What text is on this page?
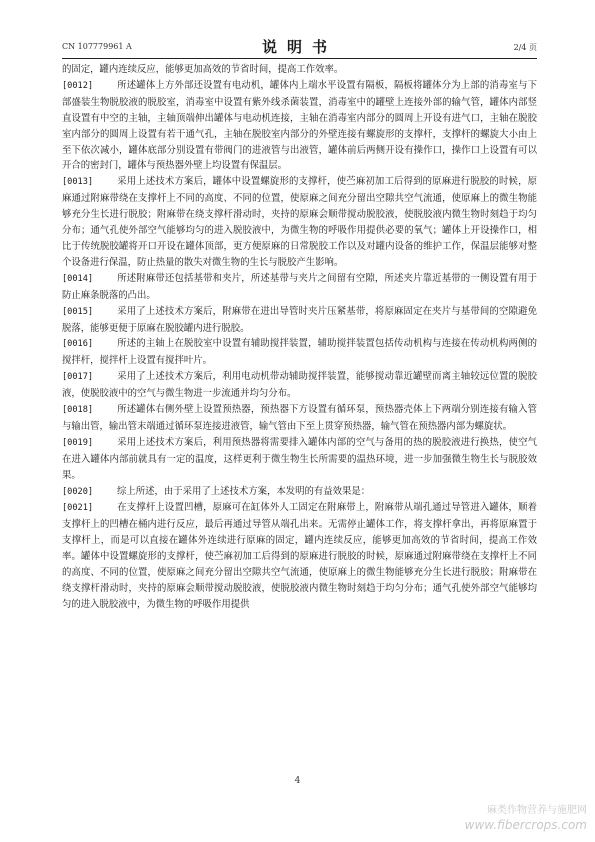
CN 107779961 A	说明书	2/4 页

的固定，罐内连续反应，能够更加高效的节省时间，提高工作效率。

[0012]	所述罐体上方外部还设置有电动机，罐体内上端水平设置有隔板，隔板将罐体分为上部的消毒室与下部盛装生物脱胶液的脱胶室，消毒室中设置有紫外线杀菌装置，消毒室中的罐壁上连接外部的输气管，罐体内部竖直设置有中空的主轴，主轴顶端伸出罐体与电动机连接，主轴在消毒室内部分的圆周上开设有进气口，主轴在脱胶室内部分的圆周上设置有若干通气孔，主轴在脱胶室内部分的外壁连接有螺旋形的支撑杆，支撑杆的螺旋大小由上至下依次减小，罐体底部分别设置有带阀门的进液管与出液管，罐体前后两侧开设有操作口，操作口上设置有可以开合的密封门，罐体与预热器外壁上均设置有保温层。

[0013]	采用上述技术方案后，罐体中设置螺旋形的支撑杆，使苎麻初加工后得到的原麻进行脱胶的时候，原麻通过附麻带绕在支撑杆上不同的高度、不同的位置，使原麻之间充分留出空隙共空气流通，使原麻上的微生物能够充分生长进行脱胶；附麻带在绕支撑杆滑动时，夹持的原麻会顺带搅动脱胶液，使脱胶液内微生物时刻趋于均匀分布；通气孔使外部空气能够均匀的进入脱胶液中，为微生物的呼吸作用提供必要的氧气；罐体上开设操作口，相比于传统脱胶罐将开口开设在罐体顶部，更方便原麻的日常脱胶工作以及对罐内设备的维护工作，保温层能够对整个设备进行保温，防止热量的散失对微生物的生长与脱胶产生影响。

[0014]	所述附麻带还包括基带和夹片，所述基带与夹片之间留有空隙，所述夹片靠近基带的一侧设置有用于防止麻条脱落的凸出。

[0015]	采用了上述技术方案后，附麻带在进出导管时夹片压紧基带，将原麻固定在夹片与基带间的空隙避免脱落，能够更便于原麻在脱胶罐内进行脱胶。

[0016]	所述的主轴上在脱胶室中设置有辅助搅拌装置，辅助搅拌装置包括传动机构与连接在传动机构两侧的搅拌杆，搅拌杆上设置有搅拌叶片。

[0017]	采用了上述技术方案后，利用电动机带动辅助搅拌装置，能够搅动靠近罐壁而离主轴较远位置的脱胶液，使脱胶液中的空气与微生物进一步流通并均匀分布。

[0018]	所述罐体右侧外壁上设置预热器，预热器下方设置有循环泵，预热器壳体上下两端分别连接有输入管与输出管，输出管末端通过循环泵连接进液管，输气管由下至上贯穿预热器，输气管在预热器内部为螺旋状。

[0019]	采用上述技术方案后，利用预热器将需要排入罐体内部的空气与备用的热的脱胶液进行换热，使空气在进入罐体内部前就具有一定的温度，这样更利于微生物生长所需要的温热环境，进一步加强微生物生长与脱胶效果。

[0020]	综上所述，由于采用了上述技术方案，本发明的有益效果是：

[0021]	在支撑杆上设置凹槽，原麻可在缸体外人工固定在附麻带上，附麻带从端孔通过导管进入罐体，顺着支撑杆上的凹槽在桶内进行反应，最后再通过导管从端孔出来。无需停止罐体工作，将支撑杆拿出，再将原麻置于支撑杆上，而是可以直接在罐体外连续进行原麻的固定，罐内连续反应，能够更加高效的节省时间，提高工作效率。罐体中设置螺旋形的支撑杆，使苎麻初加工后得到的原麻进行脱胶的时候，原麻通过附麻带绕在支撑杆上不同的高度、不同的位置，使原麻之间充分留出空隙共空气流通，使原麻上的微生物能够充分生长进行脱胶；附麻带在绕支撑杆滑动时，夹持的原麻会顺带搅动脱胶液，使脱胶液内微生物时刻趋于均匀分布；通气孔使外部空气能够均匀的进入脱胶液中，为微生物的呼吸作用提供

4
麻类作物营养与施肥网
www.fibercrops.com
